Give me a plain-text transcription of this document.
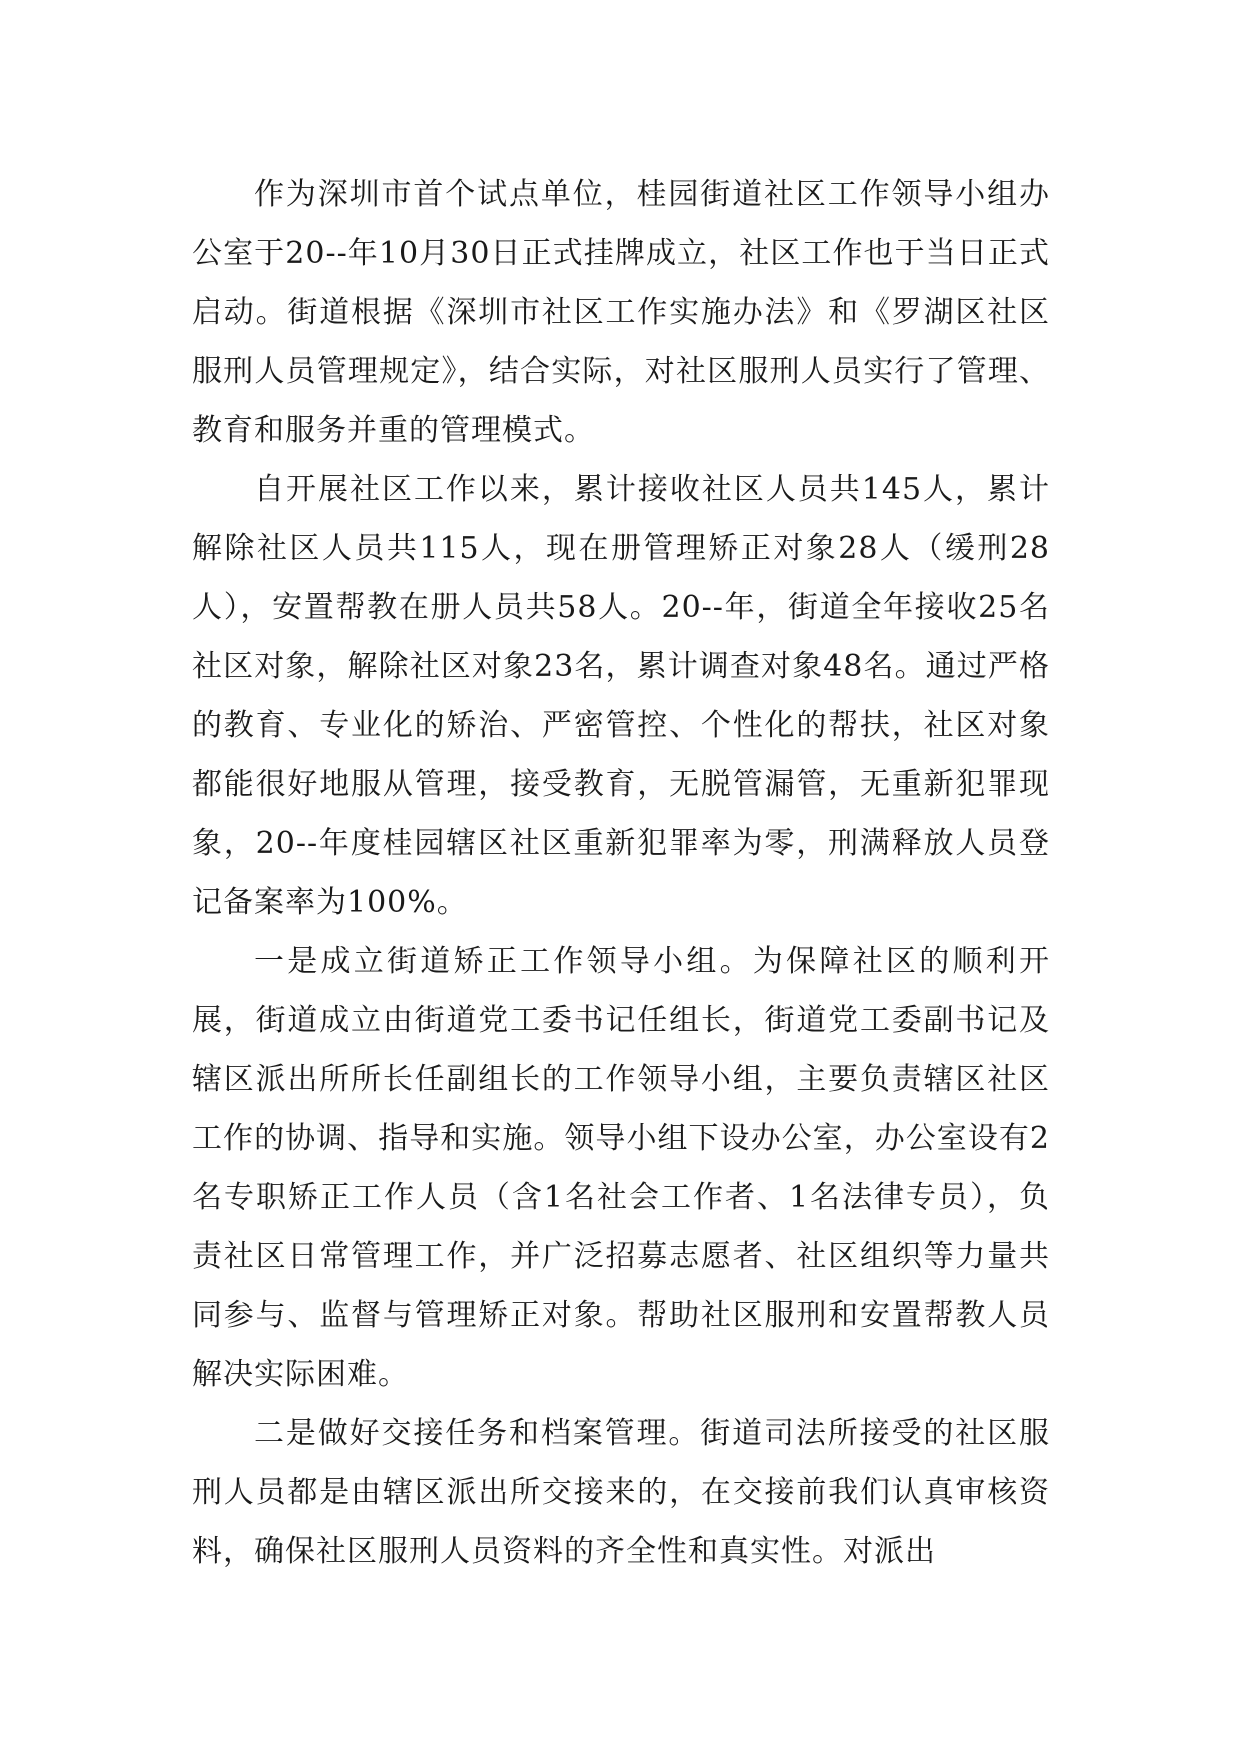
作为深圳市首个试点单位，桂园街道社区工作领导小组办公室于20--年10月30日正式挂牌成立，社区工作也于当日正式启动。街道根据《深圳市社区工作实施办法》和《罗湖区社区服刑人员管理规定》，结合实际，对社区服刑人员实行了管理、教育和服务并重的管理模式。

自开展社区工作以来，累计接收社区人员共145人，累计解除社区人员共115人，现在册管理矫正对象28人（缓刑28人），安置帮教在册人员共58人。20--年，街道全年接收25名社区对象，解除社区对象23名，累计调查对象48名。通过严格的教育、专业化的矫治、严密管控、个性化的帮扶，社区对象都能很好地服从管理，接受教育，无脱管漏管，无重新犯罪现象，20--年度桂园辖区社区重新犯罪率为零，刑满释放人员登记备案率为100%。

一是成立街道矫正工作领导小组。为保障社区的顺利开展，街道成立由街道党工委书记任组长，街道党工委副书记及辖区派出所所长任副组长的工作领导小组，主要负责辖区社区工作的协调、指导和实施。领导小组下设办公室，办公室设有2名专职矫正工作人员（含1名社会工作者、1名法律专员），负责社区日常管理工作，并广泛招募志愿者、社区组织等力量共同参与、监督与管理矫正对象。帮助社区服刑和安置帮教人员解决实际困难。

二是做好交接任务和档案管理。街道司法所接受的社区服刑人员都是由辖区派出所交接来的，在交接前我们认真审核资料，确保社区服刑人员资料的齐全性和真实性。对派出
